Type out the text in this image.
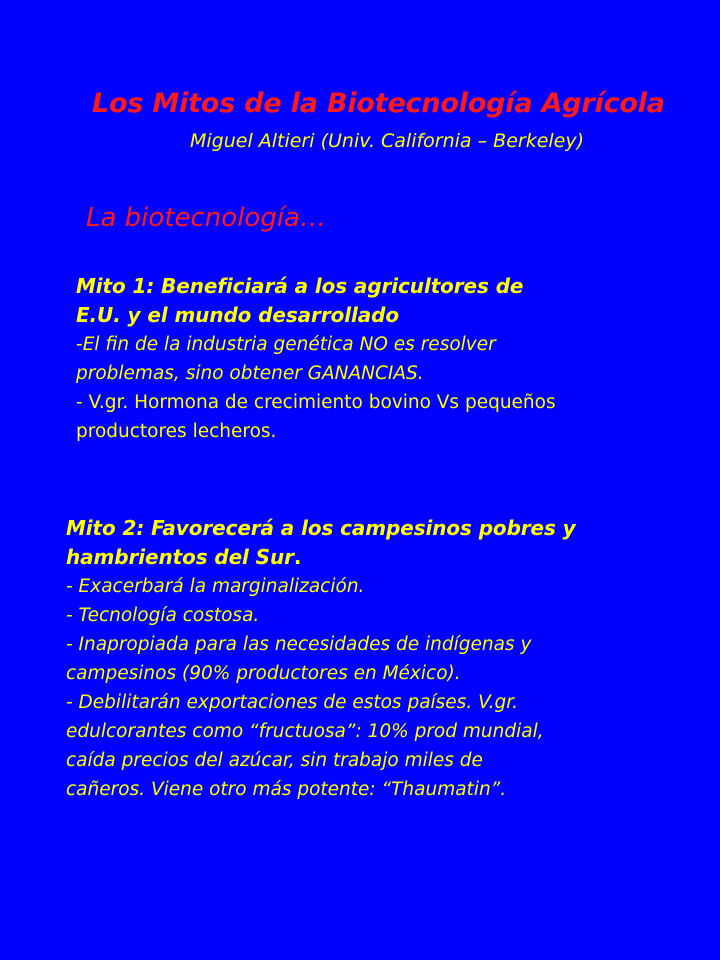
Los Mitos de la Biotecnología Agrícola
Miguel Altieri (Univ. California – Berkeley)
La biotecnología…
Mito 1: Beneficiará a los agricultores de
E.U. y el mundo desarrollado
-El fin de la industria genética NO es resolver
problemas, sino obtener GANANCIAS.
- V.gr. Hormona de crecimiento bovino Vs pequeños
productores lecheros.
Mito 2: Favorecerá a los campesinos pobres y
hambrientos del Sur.
- Exacerbará la marginalización.
- Tecnología costosa.
- Inapropiada para las necesidades de indígenas y
campesinos (90% productores en México).
- Debilitarán exportaciones de estos países. V.gr.
edulcorantes como “fructuosa”: 10% prod mundial,
caída precios del azúcar, sin trabajo miles de
cañeros. Viene otro más potente: “Thaumatin”.
